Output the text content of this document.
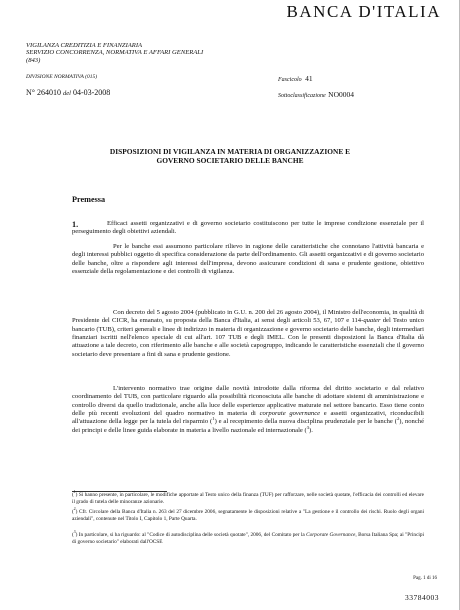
BANCA D'ITALIA
VIGILANZA CREDITIZIA E FINANZIARIA
SERVIZIO CONCORRENZA, NORMATIVA E AFFARI GENERALI
(843)
DIVISIONE NORMATIVA (015)	Fascicolo 41
N° 264010 del 04-03-2008	Sottoclassificazione NO0004
DISPOSIZIONI DI VIGILANZA IN MATERIA DI ORGANIZZAZIONE E
GOVERNO SOCIETARIO DELLE BANCHE
Premessa
1.	Efficaci assetti organizzativi e di governo societario costituiscono per tutte le imprese condizione essenziale per il perseguimento degli obiettivi aziendali.
Per le banche essi assumono particolare rilievo in ragione delle caratteristiche che connotano l'attività bancaria e degli interessi pubblici oggetto di specifica considerazione da parte dell'ordinamento. Gli assetti organizzativi e di governo societario delle banche, oltre a rispondere agli interessi dell'impresa, devono assicurare condizioni di sana e prudente gestione, obiettivo essenziale della regolamentazione e dei controlli di vigilanza.
Con decreto del 5 agosto 2004 (pubblicato in G.U. n. 200 del 26 agosto 2004), il Ministro dell'economia, in qualità di Presidente del CICR, ha emanato, su proposta della Banca d'Italia, ai sensi degli articoli 53, 67, 107 e 114-quater del Testo unico bancario (TUB), criteri generali e linee di indirizzo in materia di organizzazione e governo societario delle banche, degli intermediari finanziari iscritti nell'elenco speciale di cui all'art. 107 TUB e degli IMEL. Con le presenti disposizioni la Banca d'Italia dà attuazione a tale decreto, con riferimento alle banche e alle società capogruppo, indicando le caratteristiche essenziali che il governo societario deve presentare a fini di sana e prudente gestione.
L'intervento normativo trae origine dalle novità introdotte dalla riforma del diritto societario e dal relativo coordinamento del TUB, con particolare riguardo alla possibilità riconosciuta alle banche di adottare sistemi di amministrazione e controllo diversi da quello tradizionale, anche alla luce delle esperienze applicative maturate nel settore bancario. Esso tiene conto delle più recenti evoluzioni del quadro normativo in materia di corporate governance e assetti organizzativi, riconducibili all'attuazione della legge per la tutela del risparmio ($^1$) e al recepimento della nuova disciplina prudenziale per le banche ($^2$), nonché dei principi e delle linee guida elaborate in materia a livello nazionale ed internazionale ($^3$).
($^1$) Si hanno presente, in particolare, le modifiche apportate al Testo unico della finanza (TUF) per rafforzare, nelle società quotate, l'efficacia dei controlli ed elevare il grado di tutela delle minoranze azionarie.
($^2$) Cfr. Circolare della Banca d'Italia n. 263 del 27 dicembre 2006, segnatamente le disposizioni relative a "La gestione e il controllo dei rischi. Ruolo degli organi aziendali", contenute nel Titolo I, Capitolo 1, Parte Quarta.
($^3$) In particolare, si ha riguardo: al "Codice di autodisciplina delle società quotate", 2006, del Comitato per la Corporate Governance, Borsa Italiana Spa; ai "Principi di governo societario" elaborati dall'OCSE
Pag. 1 di 16
33784003
